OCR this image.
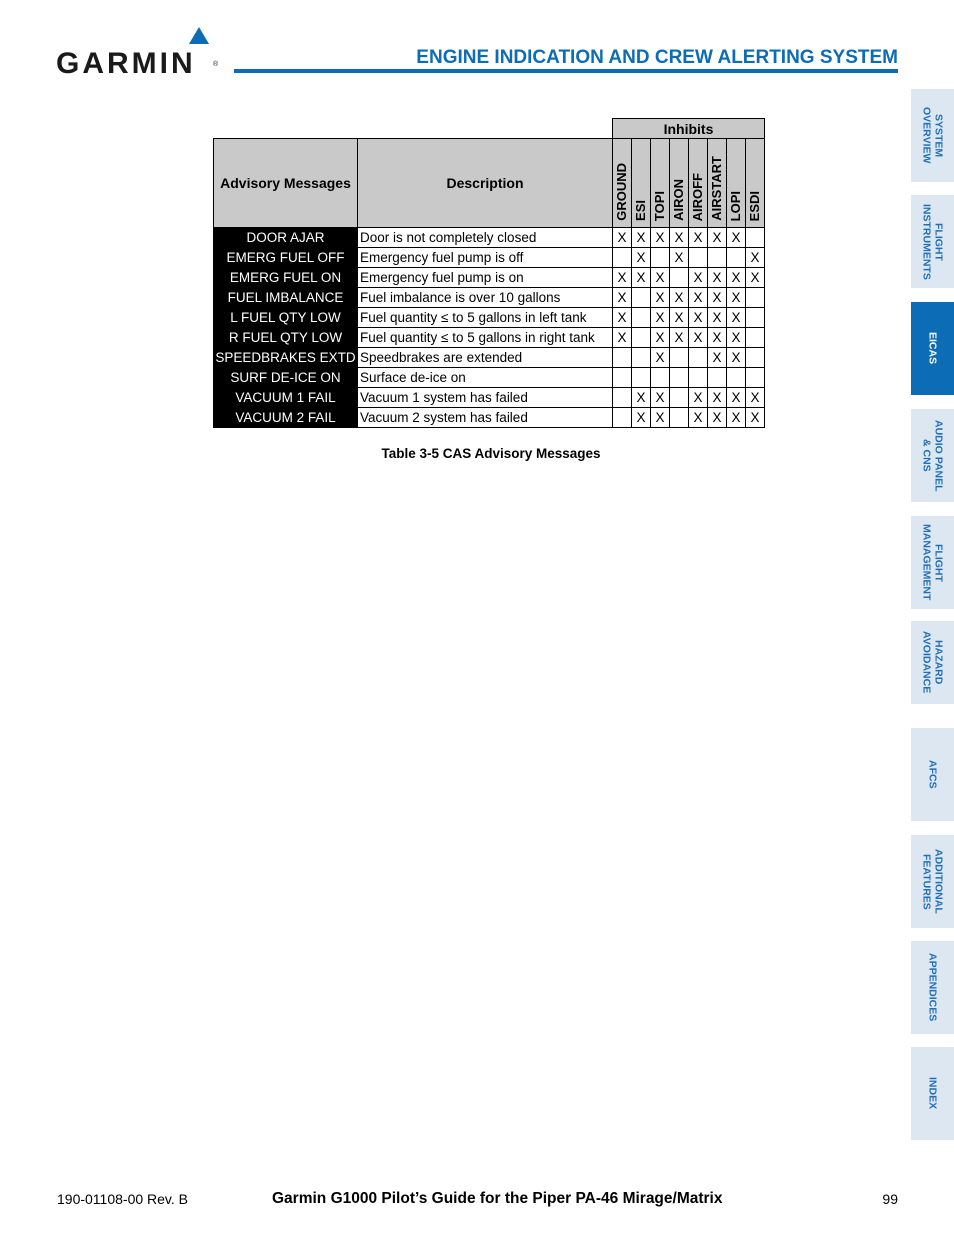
GARMIN ®	ENGINE INDICATION AND CREW ALERTING SYSTEM
SYSTEM
OVERVIEW
FLIGHT
INSTRUMENTS
EICAS
AUDIO PANEL
& CNS
FLIGHT
MANAGEMENT
HAZARD
AVOIDANCE
AFCS
ADDITIONAL
FEATURES
APPENDICES
INDEX
		Inhibits							
Advisory Messages	Description	GROUND	ESI	TOPI	AIRON	AIROFF	AIRSTART	LOPI	ESDI
DOOR AJAR	Door is not completely closed	X	X	X	X	X	X	X	
EMERG FUEL OFF	Emergency fuel pump is off		X		X				X
EMERG FUEL ON	Emergency fuel pump is on	X	X	X		X	X	X	X
FUEL IMBALANCE	Fuel imbalance is over 10 gallons	X		X	X	X	X	X	
L FUEL QTY LOW	Fuel quantity ≤ to 5 gallons in left tank	X		X	X	X	X	X	
R FUEL QTY LOW	Fuel quantity ≤ to 5 gallons in right tank	X		X	X	X	X	X	
SPEEDBRAKES EXTD	Speedbrakes are extended			X			X	X	
SURF DE-ICE ON	Surface de-ice on								
VACUUM 1 FAIL	Vacuum 1 system has failed		X	X		X	X	X	X
VACUUM 2 FAIL	Vacuum 2 system has failed		X	X		X	X	X	X
Table 3-5 CAS Advisory Messages
190-01108-00 Rev. B	Garmin G1000 Pilot’s Guide for the Piper PA-46 Mirage/Matrix	99
